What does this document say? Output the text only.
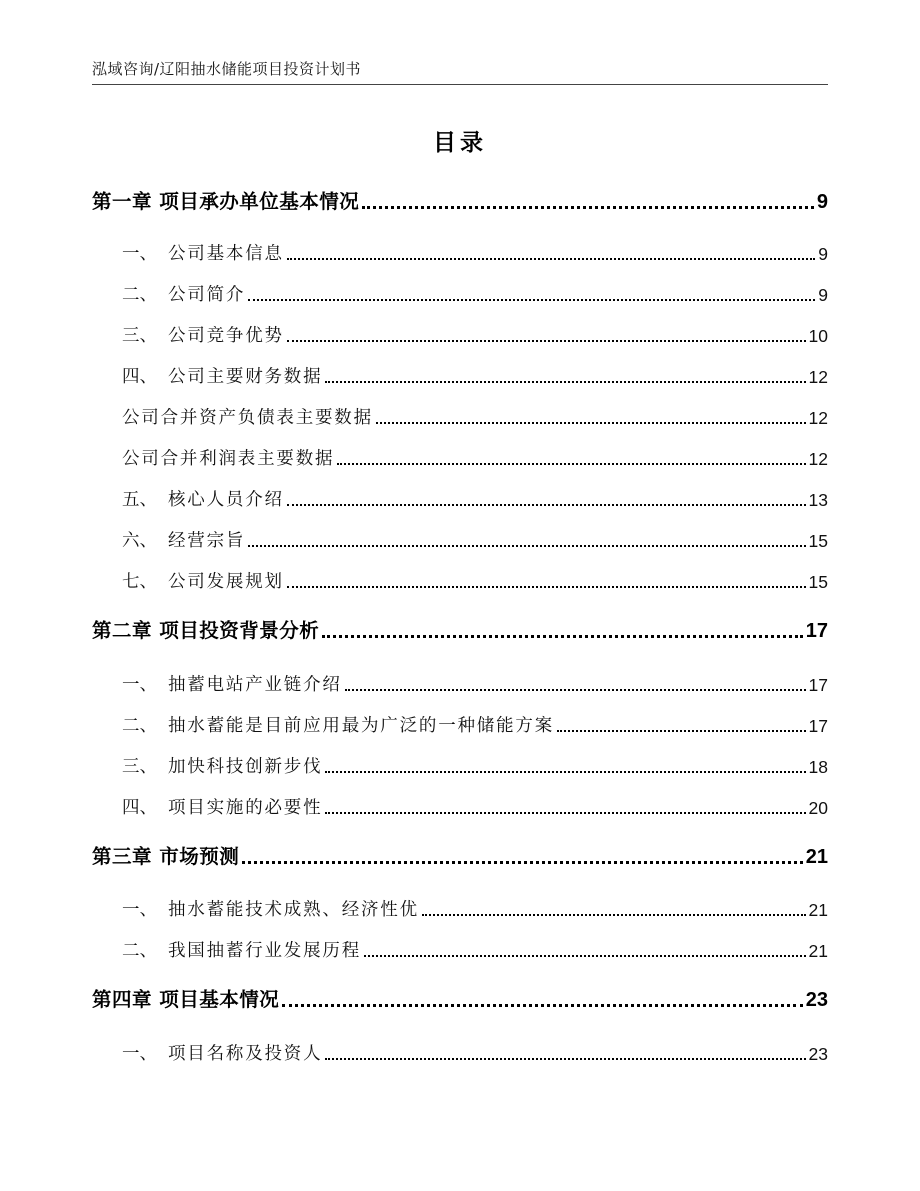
泓域咨询/辽阳抽水储能项目投资计划书
目录
第一章 项目承办单位基本情况	9
一、 公司基本信息	9
二、 公司简介	9
三、 公司竞争优势	10
四、 公司主要财务数据	12
公司合并资产负债表主要数据	12
公司合并利润表主要数据	12
五、 核心人员介绍	13
六、 经营宗旨	15
七、 公司发展规划	15
第二章 项目投资背景分析	17
一、 抽蓄电站产业链介绍	17
二、 抽水蓄能是目前应用最为广泛的一种储能方案	17
三、 加快科技创新步伐	18
四、 项目实施的必要性	20
第三章 市场预测	21
一、 抽水蓄能技术成熟、经济性优	21
二、 我国抽蓄行业发展历程	21
第四章 项目基本情况	23
一、 项目名称及投资人	23
